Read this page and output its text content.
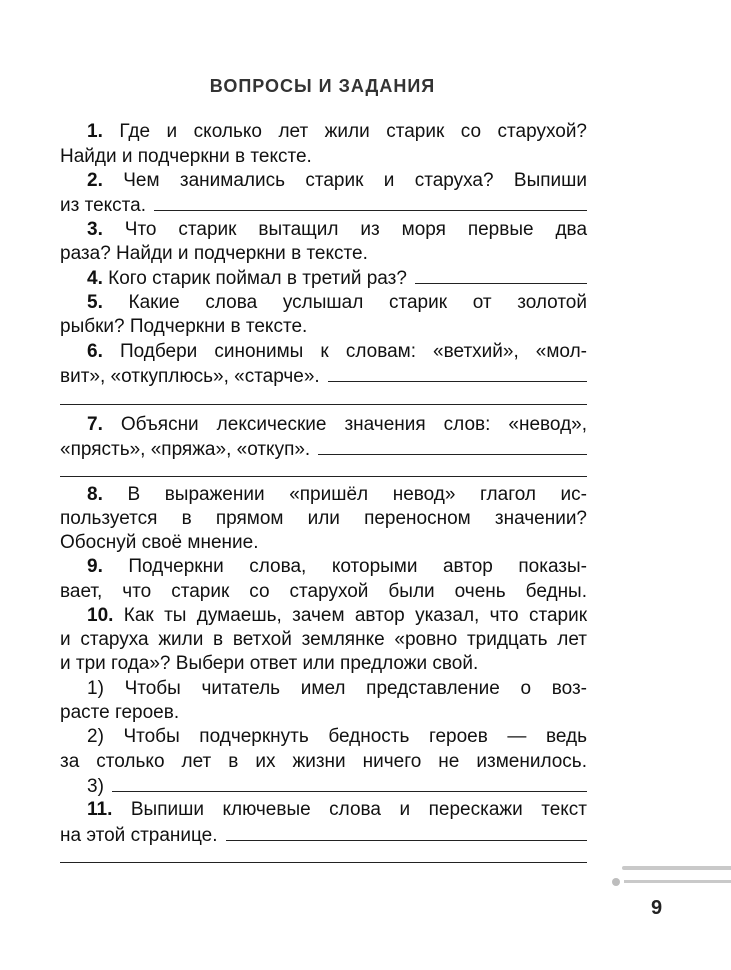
ВОПРОСЫ И ЗАДАНИЯ
1. Где и сколько лет жили старик со старухой?
Найди и подчеркни в тексте.
2. Чем занимались старик и старуха? Выпиши
из текста.
3. Что старик вытащил из моря первые два
раза? Найди и подчеркни в тексте.
4.
Кого старик поймал в третий раз?
5. Какие слова услышал старик от золотой
рыбки? Подчеркни в тексте.
6. Подбери синонимы к словам: «ветхий», «мол-
вит», «откуплюсь», «старче».
7. Объясни лексические значения слов: «невод»,
«прясть», «пряжа», «откуп».
8. В выражении «пришёл невод» глагол ис-
пользуется в прямом или переносном значении?
Обоснуй своё мнение.
9. Подчеркни слова, которыми автор показы-
вает, что старик со старухой были очень бедны.
10. Как ты думаешь, зачем автор указал, что старик
и старуха жили в ветхой землянке «ровно тридцать лет
и три года»? Выбери ответ или предложи свой.
1) Чтобы читатель имел представление о воз-
расте героев.
2) Чтобы подчеркнуть бедность героев — ведь
за столько лет в их жизни ничего не изменилось.
3)
11. Выпиши ключевые слова и перескажи текст
на этой странице.
9
